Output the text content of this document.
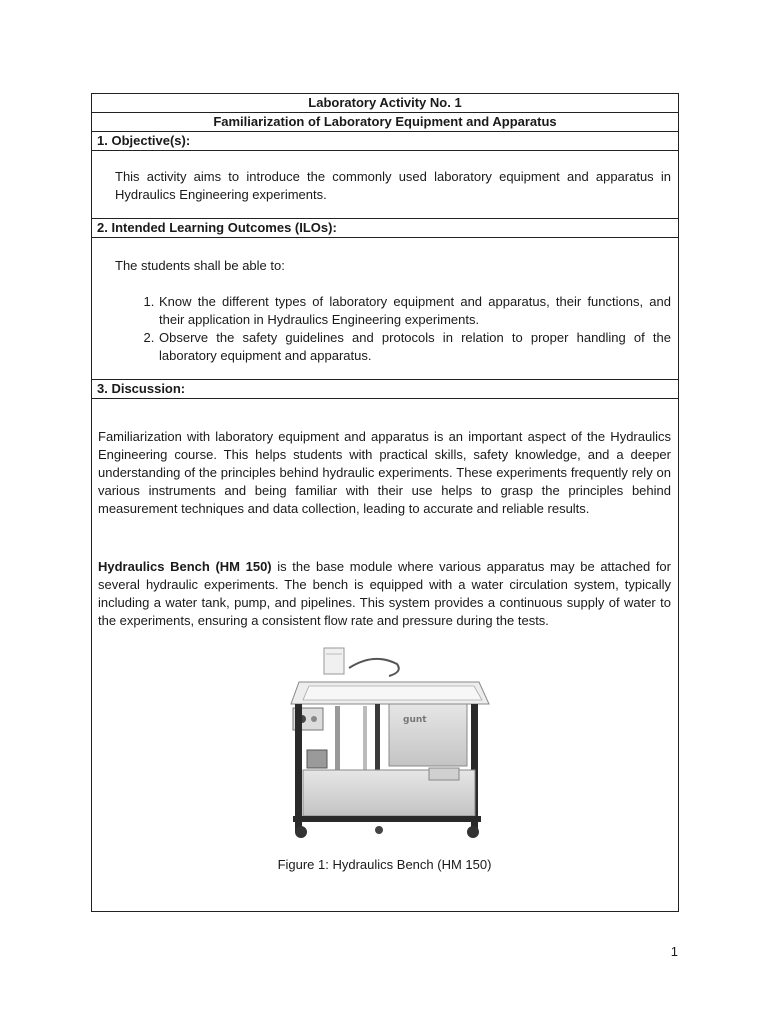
Laboratory Activity No. 1
Familiarization of Laboratory Equipment and Apparatus
1. Objective(s):
This activity aims to introduce the commonly used laboratory equipment and apparatus in Hydraulics Engineering experiments.
2. Intended Learning Outcomes (ILOs):
The students shall be able to:
1. Know the different types of laboratory equipment and apparatus, their functions, and their application in Hydraulics Engineering experiments.
2. Observe the safety guidelines and protocols in relation to proper handling of the laboratory equipment and apparatus.
3. Discussion:
Familiarization with laboratory equipment and apparatus is an important aspect of the Hydraulics Engineering course. This helps students with practical skills, safety knowledge, and a deeper understanding of the principles behind hydraulic experiments. These experiments frequently rely on various instruments and being familiar with their use helps to grasp the principles behind measurement techniques and data collection, leading to accurate and reliable results.
Hydraulics Bench (HM 150) is the base module where various apparatus may be attached for several hydraulic experiments. The bench is equipped with a water circulation system, typically including a water tank, pump, and pipelines. This system provides a continuous supply of water to the experiments, ensuring a consistent flow rate and pressure during the tests.
gunt
Figure 1: Hydraulics Bench (HM 150)
1
